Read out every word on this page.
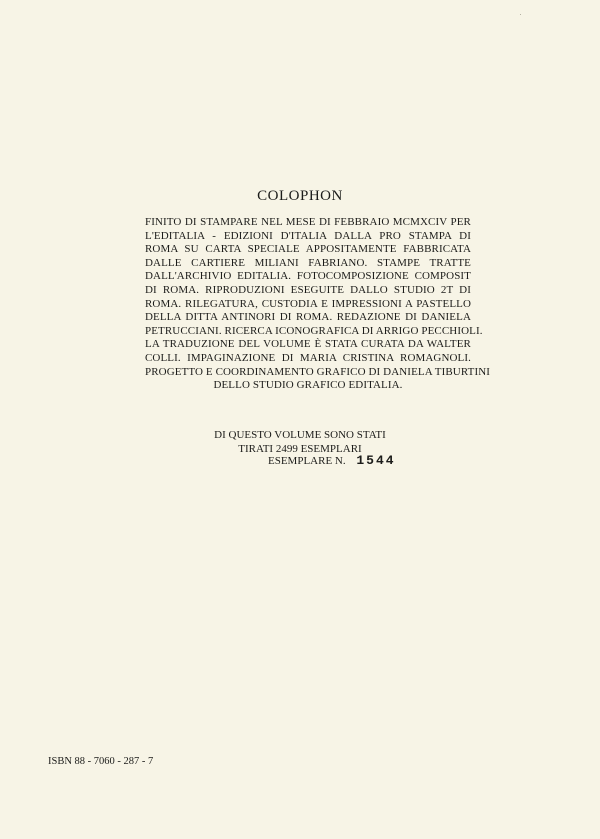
COLOPHON
FINITO DI STAMPARE NEL MESE DI FEBBRAIO MCMXCIV PER
L'EDITALIA - EDIZIONI D'ITALIA DALLA PRO STAMPA DI
ROMA SU CARTA SPECIALE APPOSITAMENTE FABBRICATA
DALLE CARTIERE MILIANI FABRIANO. STAMPE TRATTE
DALL'ARCHIVIO EDITALIA. FOTOCOMPOSIZIONE COMPOSIT
DI ROMA. RIPRODUZIONI ESEGUITE DALLO STUDIO 2T DI
ROMA. RILEGATURA, CUSTODIA E IMPRESSIONI A PASTELLO
DELLA DITTA ANTINORI DI ROMA. REDAZIONE DI DANIELA
PETRUCCIANI. RICERCA ICONOGRAFICA DI ARRIGO PECCHIOLI.
LA TRADUZIONE DEL VOLUME È STATA CURATA DA WALTER
COLLI. IMPAGINAZIONE DI MARIA CRISTINA ROMAGNOLI.
PROGETTO E COORDINAMENTO GRAFICO DI DANIELA TIBURTINI
DELLO STUDIO GRAFICO EDITALIA.
DI QUESTO VOLUME SONO STATI
TIRATI 2499 ESEMPLARI
ESEMPLARE N. 1544
ISBN 88 - 7060 - 287 - 7
